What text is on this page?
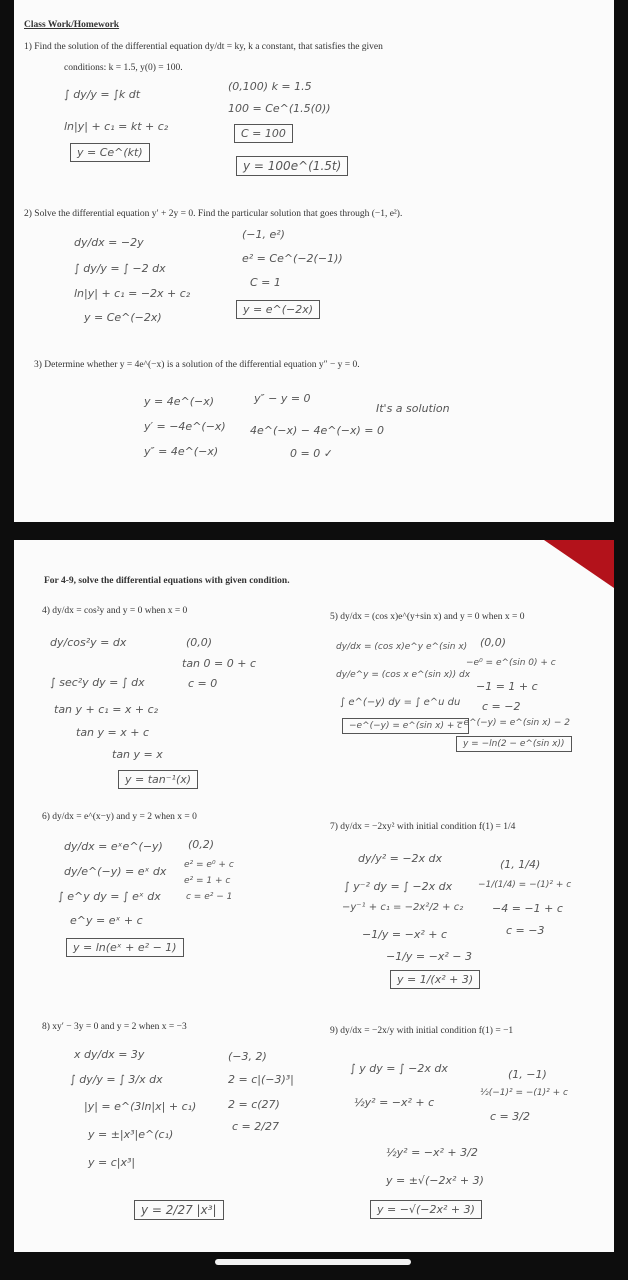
Class Work/Homework
1) Find the solution of the differential equation dy/dt = ky, k a constant, that satisfies the given
conditions: k = 1.5, y(0) = 100.
∫ dy/y = ∫k dt
ln|y| + c₁ = kt + c₂
y = Ce^(kt)
(0,100) k = 1.5
100 = Ce^(1.5(0))
C = 100
y = 100e^(1.5t)
2) Solve the differential equation y′ + 2y = 0. Find the particular solution that goes through (−1, e²).
dy/dx = −2y
∫ dy/y = ∫ −2 dx
ln|y| + c₁ = −2x + c₂
y = Ce^(−2x)
(−1, e²)
e² = Ce^(−2(−1))
C = 1
y = e^(−2x)
3) Determine whether y = 4e^(−x) is a solution of the differential equation y″ − y = 0.
y = 4e^(−x)
y′ = −4e^(−x)
y″ = 4e^(−x)
y″ − y = 0
4e^(−x) − 4e^(−x) = 0
0 = 0 ✓
It's a solution
For 4-9, solve the differential equations with given condition.
4) dy/dx = cos²y and y = 0 when x = 0
dy/cos²y = dx
∫ sec²y dy = ∫ dx
tan y + c₁ = x + c₂
tan y = x + c
tan y = x
y = tan⁻¹(x)
(0,0)
tan 0 = 0 + c
c = 0
5) dy/dx = (cos x)e^(y+sin x) and y = 0 when x = 0
dy/dx = (cos x)e^y e^(sin x)
dy/e^y = (cos x e^(sin x)) dx
∫ e^(−y) dy = ∫ e^u du
−e^(−y) = e^(sin x) + c
(0,0)
−e⁰ = e^(sin 0) + c
−1 = 1 + c
c = −2
−e^(−y) = e^(sin x) − 2
y = −ln(2 − e^(sin x))
6) dy/dx = e^(x−y) and y = 2 when x = 0
dy/dx = eˣe^(−y)
dy/e^(−y) = eˣ dx
∫ e^y dy = ∫ eˣ dx
e^y = eˣ + c
y = ln(eˣ + e² − 1)
(0,2)
e² = e⁰ + c
e² = 1 + c
c = e² − 1
7) dy/dx = −2xy² with initial condition f(1) = 1/4
dy/y² = −2x dx
∫ y⁻² dy = ∫ −2x dx
−y⁻¹ + c₁ = −2x²/2 + c₂
−1/y = −x² + c
−1/y = −x² − 3
y = 1/(x² + 3)
(1, 1/4)
−1/(1/4) = −(1)² + c
−4 = −1 + c
c = −3
8) xy′ − 3y = 0 and y = 2 when x = −3
x dy/dx = 3y
∫ dy/y = ∫ 3/x dx
|y| = e^(3ln|x| + c₁)
y = ±|x³|e^(c₁)
y = c|x³|
y = 2/27 |x³|
(−3, 2)
2 = c|(−3)³|
2 = c(27)
c = 2/27
9) dy/dx = −2x/y with initial condition f(1) = −1
∫ y dy = ∫ −2x dx
½y² = −x² + c
½y² = −x² + 3/2
y = ±√(−2x² + 3)
y = −√(−2x² + 3)
(1, −1)
½(−1)² = −(1)² + c
c = 3/2
